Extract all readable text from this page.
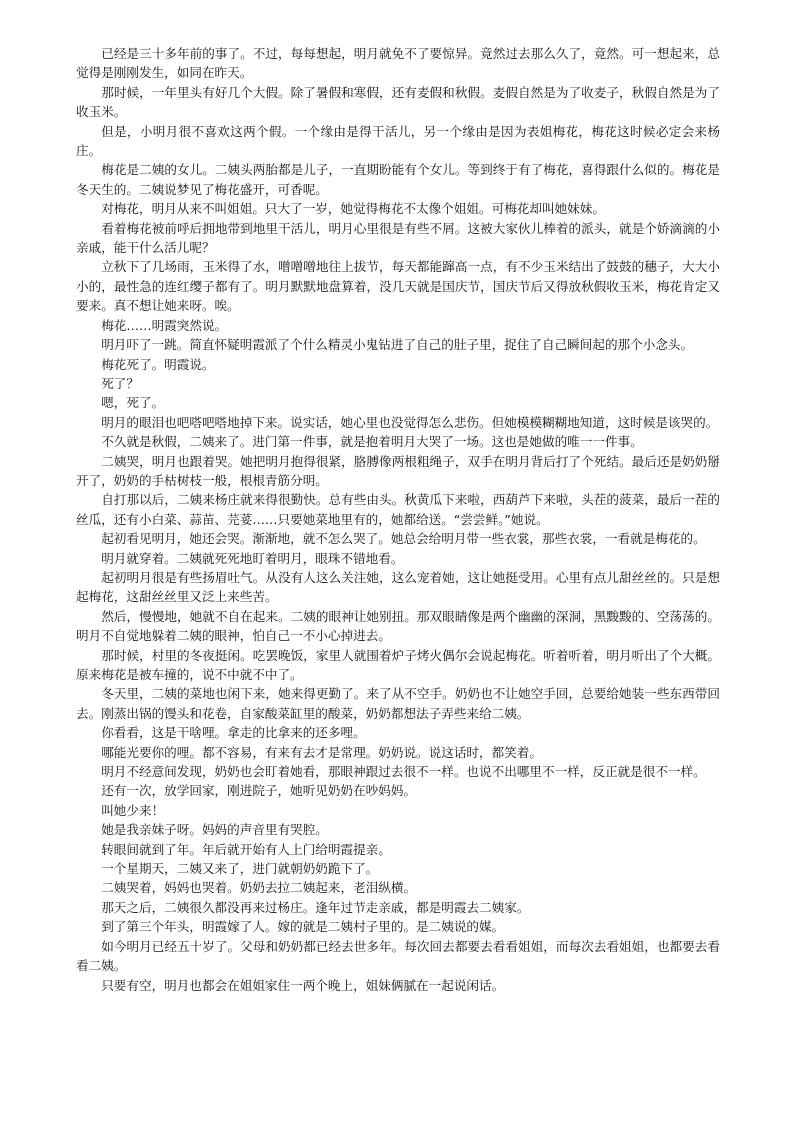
已经是三十多年前的事了。不过，每每想起，明月就免不了要惊异。竟然过去那么久了，竟然。可一想起来，总觉得是刚刚发生，如同在昨天。

那时候，一年里头有好几个大假。除了暑假和寒假，还有麦假和秋假。麦假自然是为了收麦子，秋假自然是为了收玉米。

但是，小明月很不喜欢这两个假。一个缘由是得干活儿，另一个缘由是因为表姐梅花，梅花这时候必定会来杨庄。

梅花是二姨的女儿。二姨头两胎都是儿子，一直期盼能有个女儿。等到终于有了梅花，喜得跟什么似的。梅花是冬天生的。二姨说梦见了梅花盛开，可香呢。

对梅花，明月从来不叫姐姐。只大了一岁，她觉得梅花不太像个姐姐。可梅花却叫她妹妹。

看着梅花被前呼后拥地带到地里干活儿，明月心里很是有些不屑。这被大家伙儿棒着的派头，就是个娇滴滴的小亲戚，能干什么活儿呢？

立秋下了几场雨，玉米得了水，噌噌噌地往上拔节，每天都能蹿高一点，有不少玉米结出了鼓鼓的穗子，大大小小的，最性急的连红缨子都有了。明月默默地盘算着，没几天就是国庆节，国庆节后又得放秋假收玉米，梅花肯定又要来。真不想让她来呀。唉。

梅花……明霞突然说。

明月吓了一跳。简直怀疑明霞派了个什么精灵小鬼钻进了自己的肚子里，捉住了自己瞬间起的那个小念头。

梅花死了。明霞说。

死了？

嗯，死了。

明月的眼泪也吧嗒吧嗒地掉下来。说实话，她心里也没觉得怎么悲伤。但她模模糊糊地知道，这时候是该哭的。

不久就是秋假，二姨来了。进门第一件事，就是抱着明月大哭了一场。这也是她做的唯一一件事。

二姨哭，明月也跟着哭。她把明月抱得很紧，胳膊像两根粗绳子，双手在明月背后打了个死结。最后还是奶奶掰开了，奶奶的手枯树枝一般，根根青筋分明。

自打那以后，二姨来杨庄就来得很勤快。总有些由头。秋黄瓜下来啦，西葫芦下来啦，头茬的菠菜，最后一茬的丝瓜，还有小白菜、蒜苗、芫荽……只要她菜地里有的，她都给送。“尝尝鲜。”她说。

起初看见明月，她还会哭。渐渐地，就不怎么哭了。她总会给明月带一些衣裳，那些衣裳，一看就是梅花的。

明月就穿着。二姨就死死地盯着明月，眼珠不错地看。

起初明月很是有些扬眉吐气。从没有人这么关注她，这么宠着她，这让她挺受用。心里有点儿甜丝丝的。只是想起梅花，这甜丝丝里又泛上来些苦。

然后，慢慢地，她就不自在起来。二姨的眼神让她别扭。那双眼睛像是两个幽幽的深洞，黑黢黢的、空荡荡的。明月不自觉地躲着二姨的眼神，怕自己一不小心掉进去。

那时候，村里的冬夜挺闲。吃罢晚饭，家里人就围着炉子烤火偶尔会说起梅花。听着听着，明月听出了个大概。原来梅花是被车撞的，说不中就不中了。

冬天里，二姨的菜地也闲下来，她来得更勤了。来了从不空手。奶奶也不让她空手回，总要给她装一些东西带回去。刚蒸出锅的馒头和花卷，自家酸菜缸里的酸菜，奶奶都想法子弄些来给二姨。

你看看，这是干啥哩。拿走的比拿来的还多哩。

哪能光要你的哩。都不容易，有来有去才是常理。奶奶说。说这话时，都笑着。

明月不经意间发现，奶奶也会盯着她看，那眼神跟过去很不一样。也说不出哪里不一样，反正就是很不一样。

还有一次，放学回家，刚进院子，她听见奶奶在吵妈妈。

叫她少来！

她是我亲妹子呀。妈妈的声音里有哭腔。

转眼间就到了年。年后就开始有人上门给明霞提亲。

一个星期天，二姨又来了，进门就朝奶奶跪下了。

二姨哭着，妈妈也哭着。奶奶去拉二姨起来，老泪纵横。

那天之后，二姨很久都没再来过杨庄。逢年过节走亲戚，都是明霞去二姨家。

到了第三个年头，明霞嫁了人。嫁的就是二姨村子里的。是二姨说的媒。

如今明月已经五十岁了。父母和奶奶都已经去世多年。每次回去都要去看看姐姐，而每次去看姐姐，也都要去看看二姨。

只要有空，明月也都会在姐姐家住一两个晚上，姐妹俩腻在一起说闲话。
